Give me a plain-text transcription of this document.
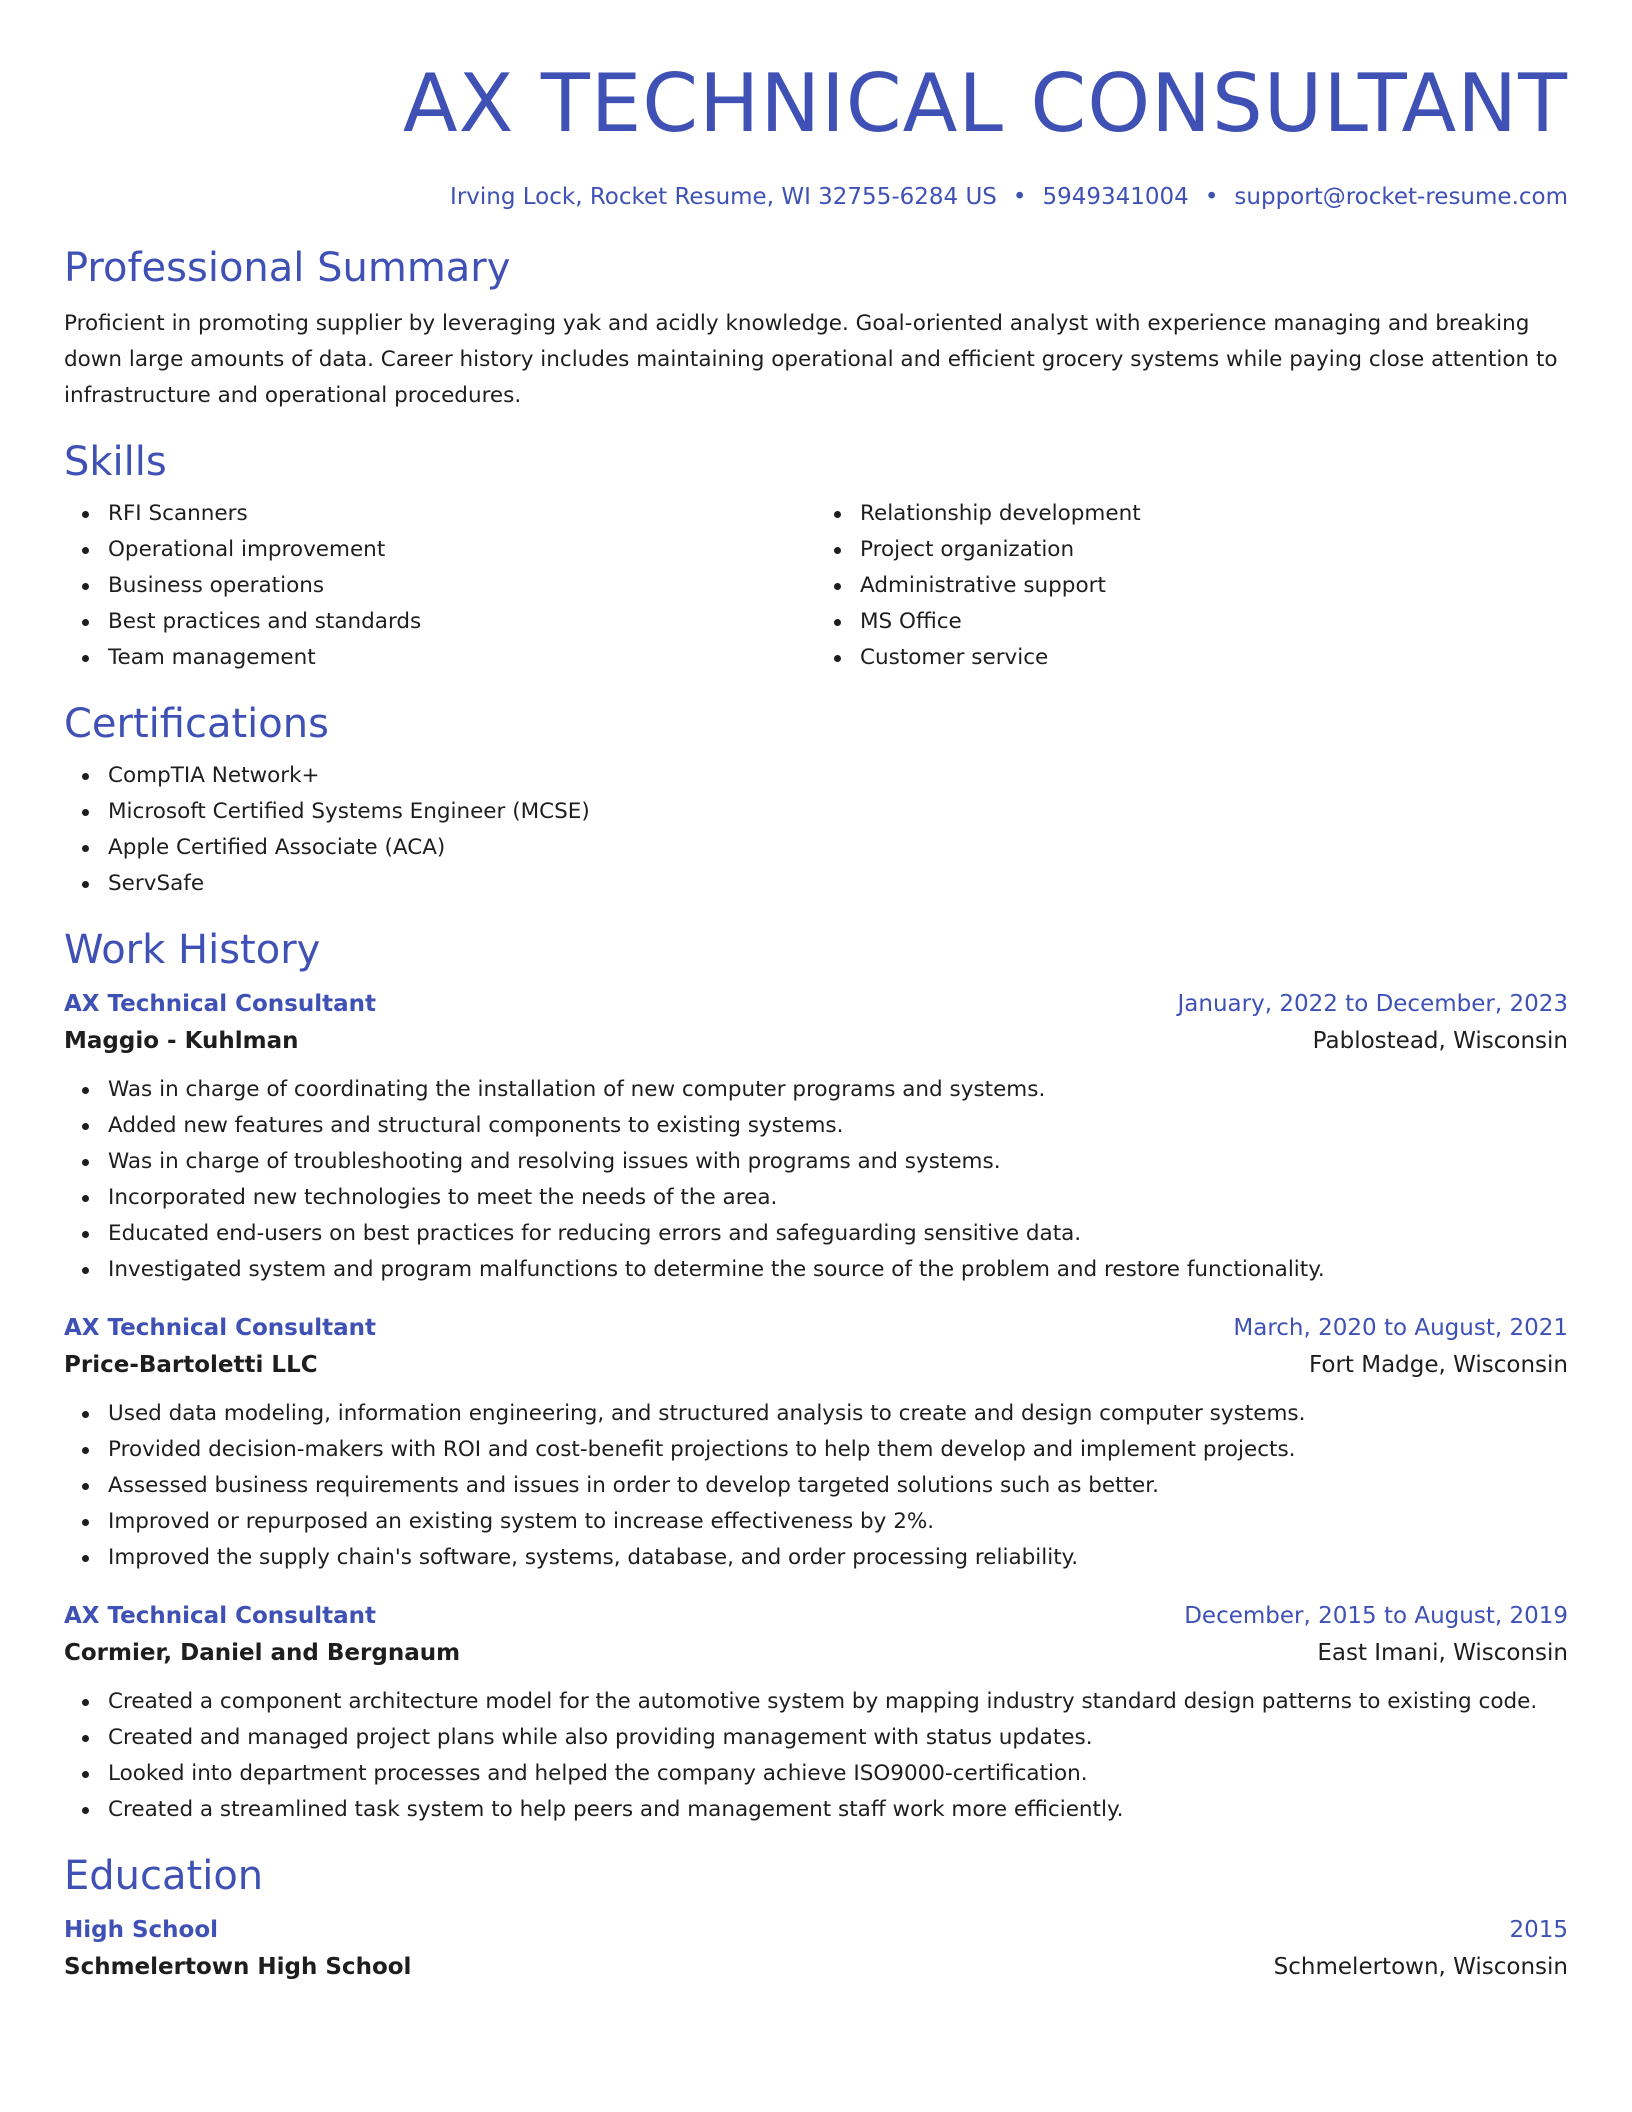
AX TECHNICAL CONSULTANT
Irving Lock, Rocket Resume, WI 32755-6284 US • 5949341004 • support@rocket-resume.com
Professional Summary

Proficient in promoting supplier by leveraging yak and acidly knowledge. Goal-oriented analyst with experience managing and breaking down large amounts of data. Career history includes maintaining operational and efficient grocery systems while paying close attention to infrastructure and operational procedures.

Skills
RFI Scanners
Operational improvement
Business operations
Best practices and standards
Team management
Relationship development
Project organization
Administrative support
MS Office
Customer service
Certifications
CompTIA Network+
Microsoft Certified Systems Engineer (MCSE)
Apple Certified Associate (ACA)
ServSafe
Work History
AX Technical Consultant	January, 2022 to December, 2023
Maggio - Kuhlman	Pablostead, Wisconsin
Was in charge of coordinating the installation of new computer programs and systems.
Added new features and structural components to existing systems.
Was in charge of troubleshooting and resolving issues with programs and systems.
Incorporated new technologies to meet the needs of the area.
Educated end-users on best practices for reducing errors and safeguarding sensitive data.
Investigated system and program malfunctions to determine the source of the problem and restore functionality.
AX Technical Consultant	March, 2020 to August, 2021
Price-Bartoletti LLC	Fort Madge, Wisconsin
Used data modeling, information engineering, and structured analysis to create and design computer systems.
Provided decision-makers with ROI and cost-benefit projections to help them develop and implement projects.
Assessed business requirements and issues in order to develop targeted solutions such as better.
Improved or repurposed an existing system to increase effectiveness by 2%.
Improved the supply chain's software, systems, database, and order processing reliability.
AX Technical Consultant	December, 2015 to August, 2019
Cormier, Daniel and Bergnaum	East Imani, Wisconsin
Created a component architecture model for the automotive system by mapping industry standard design patterns to existing code.
Created and managed project plans while also providing management with status updates.
Looked into department processes and helped the company achieve ISO9000-certification.
Created a streamlined task system to help peers and management staff work more efficiently.
Education
High School	2015
Schmelertown High School	Schmelertown, Wisconsin
